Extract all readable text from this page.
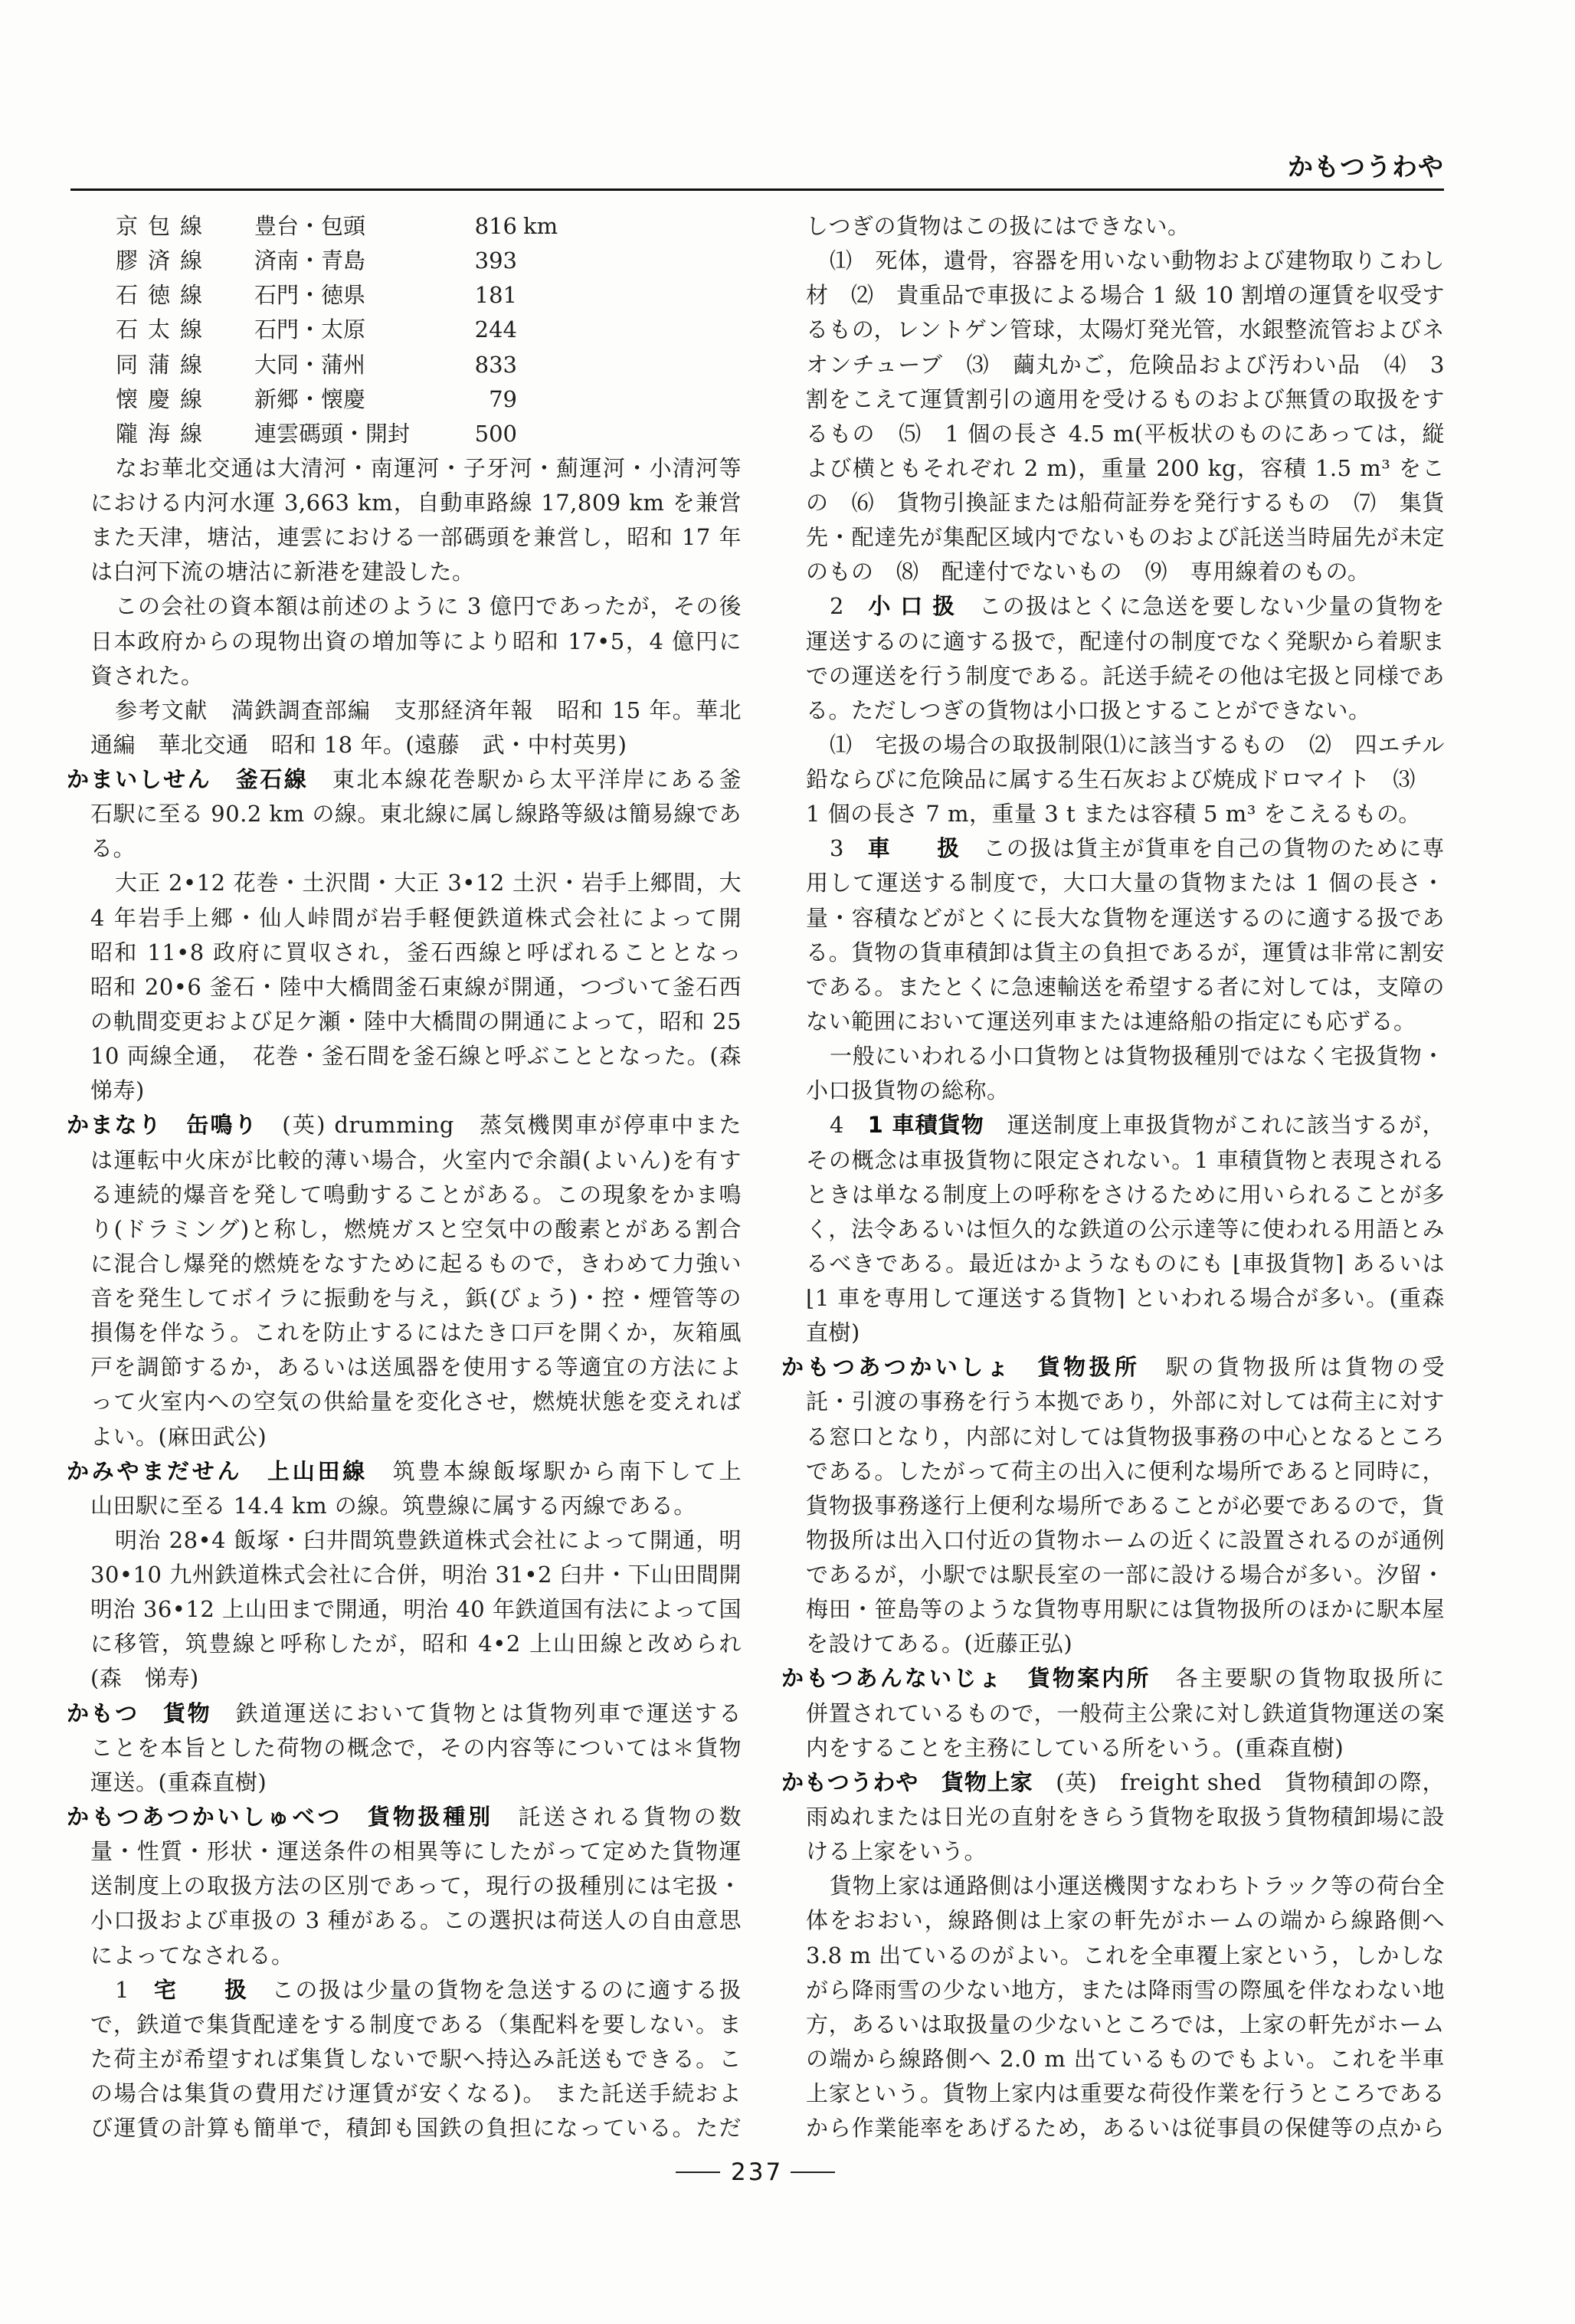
かもつうわや
京包線 豊台・包頭	816 km
膠済線 済南・青島	393
石徳線 石門・徳県	181
石太線 石門・太原	244
同蒲線 大同・蒲州	833
懐慶線 新郷・懐慶	79
隴海線 連雲碼頭・開封	500
なお華北交通は大清河・南運河・子牙河・薊運河・小清河等
における内河水運 3,663 km，自動車路線 17,809 km を兼営
また天津，塘沽，連雲における一部碼頭を兼営し，昭和 17 年
は白河下流の塘沽に新港を建設した。
この会社の資本額は前述のように 3 億円であったが，その後
日本政府からの現物出資の増加等により昭和 17•5，4 億円に
資された。
参考文献　満鉄調査部編　支那経済年報　昭和 15 年。華北
通編　華北交通　昭和 18 年。(遠藤　武・中村英男)
かまいしせん　釜石線　東北本線花巻駅から太平洋岸にある釜
石駅に至る 90.2 km の線。東北線に属し線路等級は簡易線であ
る。
大正 2•12 花巻・土沢間・大正 3•12 土沢・岩手上郷間，大
4 年岩手上郷・仙人峠間が岩手軽便鉄道株式会社によって開
昭和 11•8 政府に買収され，釜石西線と呼ばれることとなっ
昭和 20•6 釜石・陸中大橋間釜石東線が開通，つづいて釜石西
の軌間変更および足ケ瀬・陸中大橋間の開通によって，昭和 25
10 両線全通，　花巻・釜石間を釜石線と呼ぶこととなった。(森
悌寿)
かまなり　缶鳴り　(英) drumming　蒸気機関車が停車中また
は運転中火床が比較的薄い場合，火室内で余韻(よいん)を有す
る連続的爆音を発して鳴動することがある。この現象をかま鳴
り(ドラミング)と称し，燃焼ガスと空気中の酸素とがある割合
に混合し爆発的燃焼をなすために起るもので，きわめて力強い
音を発生してボイラに振動を与え，鋲(びょう)・控・煙管等の
損傷を伴なう。これを防止するにはたき口戸を開くか，灰箱風
戸を調節するか，あるいは送風器を使用する等適宜の方法によ
って火室内への空気の供給量を変化させ，燃焼状態を変えれば
よい。(麻田武公)
かみやまだせん　上山田線　筑豊本線飯塚駅から南下して上
山田駅に至る 14.4 km の線。筑豊線に属する丙線である。
明治 28•4 飯塚・臼井間筑豊鉄道株式会社によって開通，明
30•10 九州鉄道株式会社に合併，明治 31•2 臼井・下山田間開
明治 36•12 上山田まで開通，明治 40 年鉄道国有法によって国
に移管，筑豊線と呼称したが，昭和 4•2 上山田線と改められ
(森　悌寿)
かもつ　貨物　鉄道運送において貨物とは貨物列車で運送する
ことを本旨とした荷物の概念で，その内容等については＊貨物
運送。(重森直樹)
かもつあつかいしゅべつ　貨物扱種別　託送される貨物の数
量・性質・形状・運送条件の相異等にしたがって定めた貨物運
送制度上の取扱方法の区別であって，現行の扱種別には宅扱・
小口扱および車扱の 3 種がある。この選択は荷送人の自由意思
によってなされる。
1　宅　　扱　この扱は少量の貨物を急送するのに適する扱
で，鉄道で集貨配達をする制度である（集配料を要しない。ま
た荷主が希望すれば集貨しないで駅へ持込み託送もできる。こ
の場合は集貨の費用だけ運賃が安くなる)。 また託送手続およ
び運賃の計算も簡単で，積卸も国鉄の負担になっている。ただ
しつぎの貨物はこの扱にはできない。
⑴　死体，遺骨，容器を用いない動物および建物取りこわし
材　⑵　貴重品で車扱による場合 1 級 10 割増の運賃を収受す
るもの，レントゲン管球，太陽灯発光管，水銀整流管およびネ
オンチューブ　⑶　繭丸かご，危険品および汚わい品　⑷　3
割をこえて運賃割引の適用を受けるものおよび無賃の取扱をす
るもの　⑸　1 個の長さ 4.5 m(平板状のものにあっては，縦
よび横ともそれぞれ 2 m)，重量 200 kg，容積 1.5 m³ をこ
の　⑹　貨物引換証または船荷証券を発行するもの　⑺　集貨
先・配達先が集配区域内でないものおよび託送当時届先が未定
のもの　⑻　配達付でないもの　⑼　専用線着のもの。
2　小 口 扱　この扱はとくに急送を要しない少量の貨物を
運送するのに適する扱で，配達付の制度でなく発駅から着駅ま
での運送を行う制度である。託送手続その他は宅扱と同様であ
る。ただしつぎの貨物は小口扱とすることができない。
⑴　宅扱の場合の取扱制限⑴に該当するもの　⑵　四エチル
鉛ならびに危険品に属する生石灰および焼成ドロマイト　⑶
1 個の長さ 7 m，重量 3 t または容積 5 m³ をこえるもの。
3　車　　扱　この扱は貨主が貨車を自己の貨物のために専
用して運送する制度で，大口大量の貨物または 1 個の長さ・
量・容積などがとくに長大な貨物を運送するのに適する扱であ
る。貨物の貨車積卸は貨主の負担であるが，運賃は非常に割安
である。またとくに急速輸送を希望する者に対しては，支障の
ない範囲において運送列車または連絡船の指定にも応ずる。
一般にいわれる小口貨物とは貨物扱種別ではなく宅扱貨物・
小口扱貨物の総称。
4　1 車積貨物　運送制度上車扱貨物がこれに該当するが，
その概念は車扱貨物に限定されない。1 車積貨物と表現される
ときは単なる制度上の呼称をさけるために用いられることが多
く，法令あるいは恒久的な鉄道の公示達等に使われる用語とみ
るべきである。最近はかようなものにも ⌊車扱貨物⌉ あるいは
⌊1 車を専用して運送する貨物⌉ といわれる場合が多い。(重森
直樹)
かもつあつかいしょ　貨物扱所　駅の貨物扱所は貨物の受
託・引渡の事務を行う本拠であり，外部に対しては荷主に対す
る窓口となり，内部に対しては貨物扱事務の中心となるところ
である。したがって荷主の出入に便利な場所であると同時に，
貨物扱事務遂行上便利な場所であることが必要であるので，貨
物扱所は出入口付近の貨物ホームの近くに設置されるのが通例
であるが，小駅では駅長室の一部に設ける場合が多い。汐留・
梅田・笹島等のような貨物専用駅には貨物扱所のほかに駅本屋
を設けてある。(近藤正弘)
かもつあんないじょ　貨物案内所　各主要駅の貨物取扱所に
併置されているもので，一般荷主公衆に対し鉄道貨物運送の案
内をすることを主務にしている所をいう。(重森直樹)
かもつうわや　貨物上家　(英)　freight shed　貨物積卸の際，
雨ぬれまたは日光の直射をきらう貨物を取扱う貨物積卸場に設
ける上家をいう。
貨物上家は通路側は小運送機関すなわちトラック等の荷台全
体をおおい，線路側は上家の軒先がホームの端から線路側へ
3.8 m 出ているのがよい。これを全車覆上家という，しかしな
がら降雨雪の少ない地方，または降雨雪の際風を伴なわない地
方，あるいは取扱量の少ないところでは，上家の軒先がホーム
の端から線路側へ 2.0 m 出ているものでもよい。これを半車
上家という。貨物上家内は重要な荷役作業を行うところである
から作業能率をあげるため，あるいは従事員の保健等の点から
237
